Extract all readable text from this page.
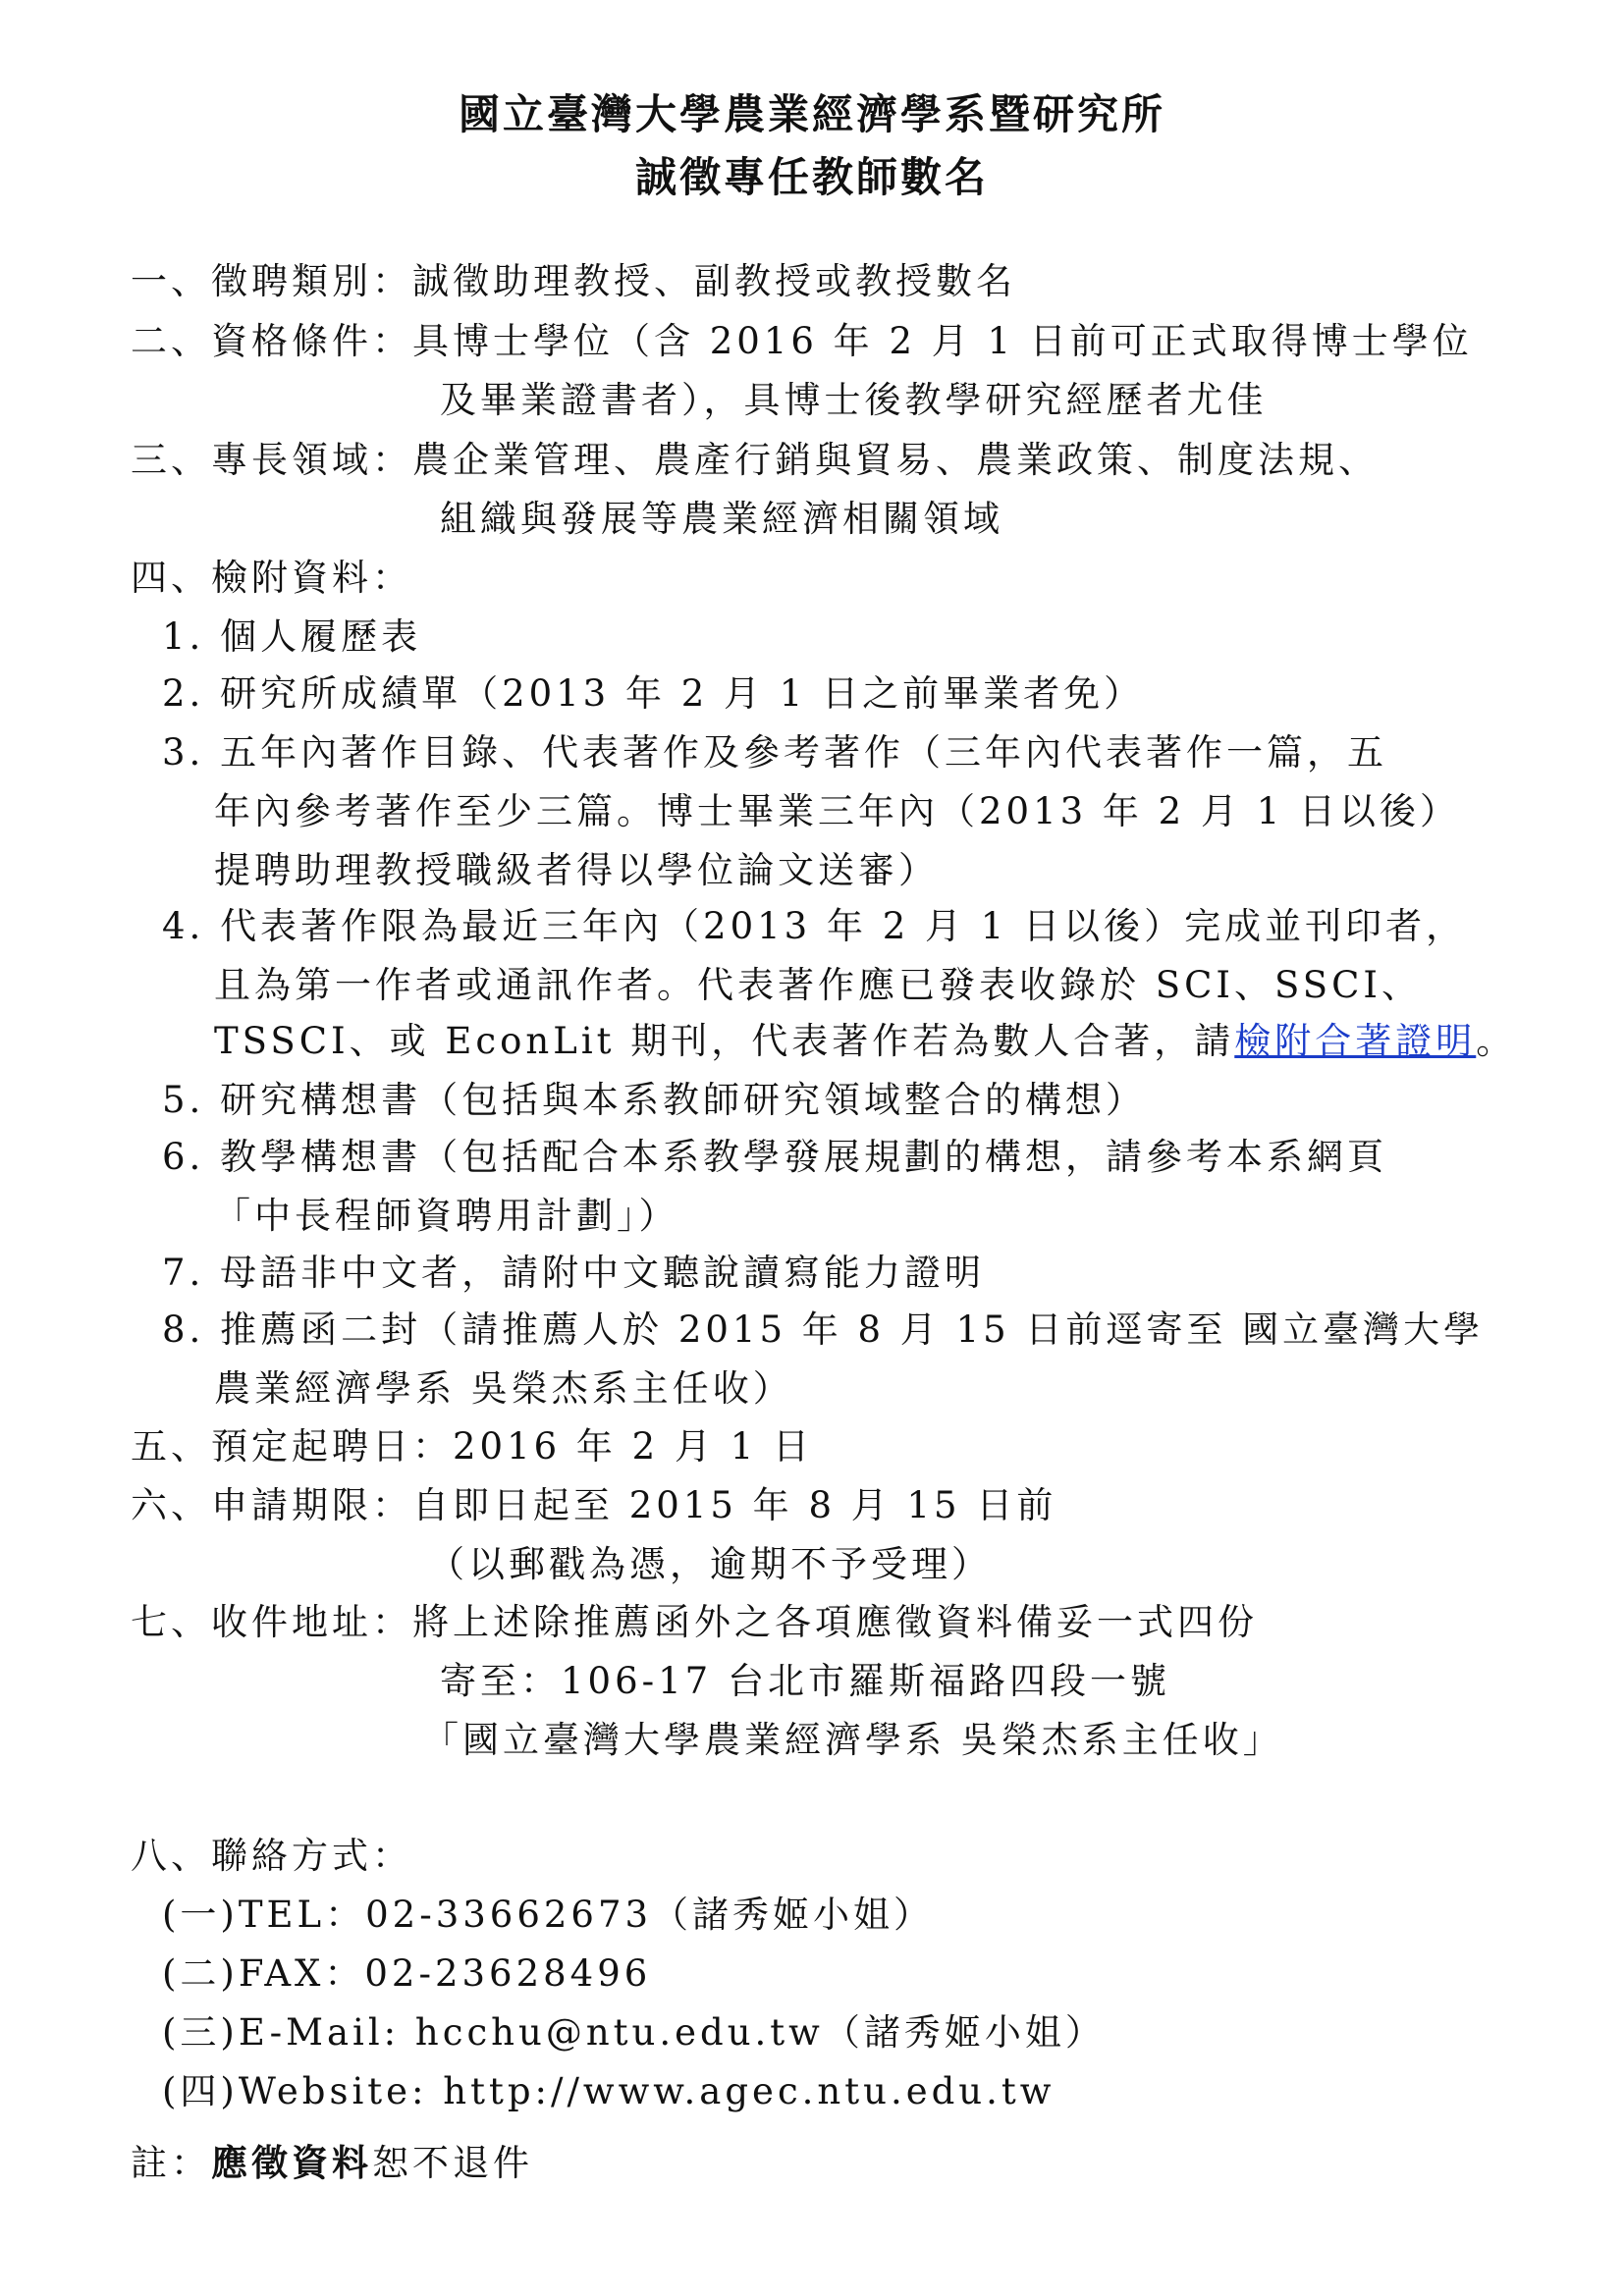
國立臺灣大學農業經濟學系暨研究所
誠徵專任教師數名
一、徵聘類別：誠徵助理教授、副教授或教授數名
二、資格條件：具博士學位（含 2016 年 2 月 1 日前可正式取得博士學位
及畢業證書者），具博士後教學研究經歷者尤佳
三、專長領域：農企業管理、農產行銷與貿易、農業政策、制度法規、
組織與發展等農業經濟相關領域
四、檢附資料：
1. 個人履歷表
2. 研究所成績單（2013 年 2 月 1 日之前畢業者免）
3. 五年內著作目錄、代表著作及參考著作（三年內代表著作一篇，五
年內參考著作至少三篇。博士畢業三年內（2013 年 2 月 1 日以後）
提聘助理教授職級者得以學位論文送審）
4. 代表著作限為最近三年內（2013 年 2 月 1 日以後）完成並刊印者，
且為第一作者或通訊作者。代表著作應已發表收錄於 SCI、SSCI、
TSSCI、或 EconLit 期刊，代表著作若為數人合著，請檢附合著證明。
5. 研究構想書（包括與本系教師研究領域整合的構想）
6. 教學構想書（包括配合本系教學發展規劃的構想，請參考本系網頁
「中長程師資聘用計劃」）
7. 母語非中文者，請附中文聽說讀寫能力證明
8. 推薦函二封（請推薦人於 2015 年 8 月 15 日前逕寄至 國立臺灣大學
農業經濟學系 吳榮杰系主任收）
五、預定起聘日：2016 年 2 月 1 日
六、申請期限：自即日起至 2015 年 8 月 15 日前
（以郵戳為憑，逾期不予受理）
七、收件地址：將上述除推薦函外之各項應徵資料備妥一式四份
寄至：106-17 台北市羅斯福路四段一號
「國立臺灣大學農業經濟學系 吳榮杰系主任收」
八、聯絡方式：
(一)TEL：02-33662673（諸秀姬小姐）
(二)FAX：02-23628496
(三)E-Mail: hcchu@ntu.edu.tw（諸秀姬小姐）
(四)Website: http://www.agec.ntu.edu.tw
註：應徵資料恕不退件
